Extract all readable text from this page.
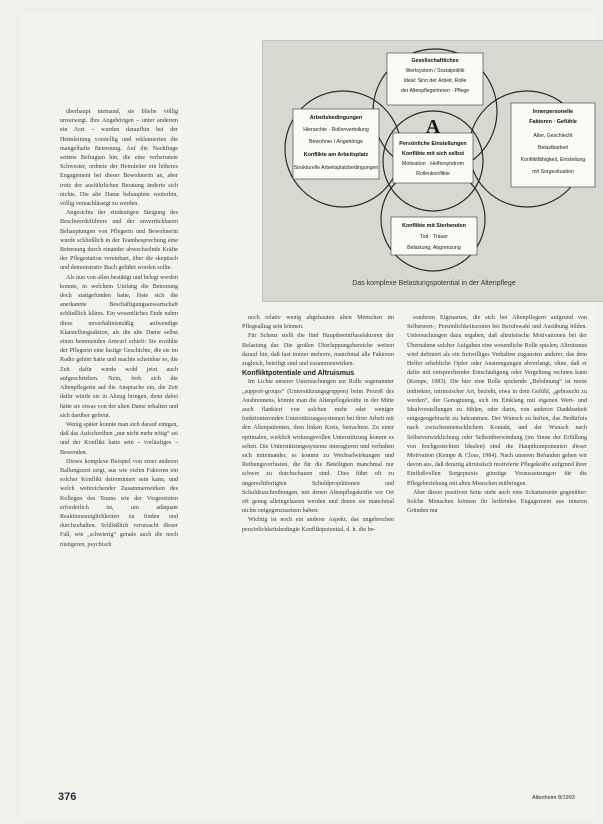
Gesellschaftliches
Wertsystem / Sozialpolitik
Ideal: Sinn der Arbeit, Rolle
der Altenpflegerinnen · Pflege
Arbeitsbedingungen
Hierarchie · Rollenverteilung
Bewohner / Angehörige
Konflikte am Arbeitsplatz
Strukturelle Arbeitsplatzbedingungen
A
Persönliche Einstellungen
Konflikte mit sich selbst
Motivation · Helfersyndrom
Rollenkonflikte
Innerpersonelle
Faktoren · Gefühle
Alter, Geschlecht
Belastbarkeit
Konfliktfähigkeit, Einstellung
mit Sorgesituation
Konflikte mit Sterbenden
Tod · Trauer
Belastung, Abgrenzung
Das komplexe Belastungspotential in der Altenpflege

überhaupt niemand, sie bliebe völlig unversorgt. Ihre Angehörigen – unter anderem ein Arzt – wurden daraufhin bei der Heimleitung vorstellig und reklamierten die mangelhafte Betreuung. Auf die Nachfrage seitens Befragten hin, die eine verheiratete Schwester, ordnete der Heimleiter ein höheres Engagement bei dieser Bewohnerin an, aber trotz der ausführlichen Beratung änderte sich nichts. Die alte Dame behauptete weiterhin, völlig vernachlässigt zu werden.

Angesichts der eindeutigen Steigung des Beschwerdeführers und der unverrückbaren Behauptungen von Pflegerin und Bewohnerin wurde schließlich in der Teambesprechung eine Betreuung durch einander abwechselnde Kräfte der Pflegestation vereinbart, über die skeptisch und demonstrativ Buch geführt worden sollte.

Als nun von allen bestätigt und belegt werden konnte, in welchem Umfang die Betreuung doch stattgefunden hatte, löste sich die anerkannte Beschäftigungsanwartschaft schließlich kläres. Ein wesentliches Ende nahm diese unverhältnismäßig aufwendige Klarstellungsaktion, als die alte Dame selbst einen hemmenden Anwurf erhielt: Sie erzählte der Pflegerin eine lustige Geschichte, die sie im Radio gehört hatte und machte scheinbar so, die Zeit dafür werde wohl jetzt auch aufgeschrieben. Nein, froh sich die Altenpflegerin auf die Ansprache ein, die Zeit dafür würde sie in Abzug bringen, denn dabei hätte sie etwas von der alten Dame erhalten und sich darüber gefreut.

Wenig später konnte man sich darauf einigen, daß das Aufschreiben „nur nicht mehr nötig“ sei und der Konflikt hatte sein – vorläufiges – Bewenden.

Dieses komplexe Beispiel von einer anderen Ballungszeit zeigt, aus wie vielen Faktoren ein solcher Konflikt determiniert sein kann, und welch weitreichender Zusammenwirken des Kollegen des Teams wie der Vorgesetzten erforderlich ist, um adäquate Reaktionsmöglichkeiten zu finden und durchzuhalten. Schließlich verursacht dieser Fall, wie „schwierig“ gerade auch die noch rüstigeren, psychisch

noch relativ wenig abgebauten alten Menschen im Pflegealltag sein können.

Für Schenz stellt die fünf Hauptbeeinflussfaktoren der Belastung dar. Die großen Überlappungsbereiche weisen darauf hin, daß fast immer mehrere, manchmal alle Faktoren zugleich, beteiligt sind und zusammenwirken.

Konfliktpotentiale und Altruismus

Im Lichte unserer Untersuchungen zur Rolle sogenannter „support-groups“ (Unterstützungsgruppen) beim Prozeß des Ausbrennens, könnte man die Altenpflegekräfte in der Mitte auch flankiert von solchen mehr oder weniger funktionierenden Unterstützungssystemen bei ihrer Arbeit mit den Altenpatienten, dem linken Kreis, betrachten. Zu einer optimalen, wirklich wirkungsvollen Unterstützung kommt es selten. Die Unterstützungssysteme interagieren und verhalten sich miteinander, es kommt zu Wechselwirkungen und Reibungsverlusten, die für die Beteiligten manchmal nur schwer zu durchschauen sind. Dies führt oft zu ungerechtfertigten Schuldprojektionen und Schuldzuschreibungen, mit denen Altenpflegekräfte vor Ort oft genug alleingelassen werden und denen sie manchmal nichts entgegenzusetzen haben.

Wichtig ist noch ein anderer Aspekt, das ungebrochen persönlichkeitsbedingte Konfliktpotential, d. h. die be-

sonderen Eigenarten, die sich bei Altenpflegern aufgrund von Selbstwert-, Persönlichkeitszonen bei Berufswahl und Ausübung bilden. Untersuchungen dazu ergaben, daß altruistische Motivationen bei der Übernahme solcher Aufgaben eine wesentliche Rolle spielen; Altruismus wird definiert als ein freiwilliges Verhalten zugunsten anderer, das dem Helfer erhebliche Opfer oder Anstrengungen abverlangt, ohne, daß er dafür mit entsprechender Entschädigung oder Vergeltung rechnen kann (Kempe, 1983). Die hier eine Rolle spielende „Belohnung“ ist meist indirekter, intrinsischer Art, bezieht, etwa in dem Gefühl, „gebraucht zu werden“, der Genugtuung, sich im Einklang mit eigenen Wert- und Idealvorstellungen zu fühlen, oder darin, von anderen Dankbarkeit entgegengebracht zu bekommen. Der Wunsch zu helfen, das Bedürfnis nach zwischenmenschlichem Kontakt, und der Wunsch nach Selbstverwirklichung oder Selbstüberwindung (im Sinne der Erfüllung von hochgesteckten Idealen) sind die Hauptkomponenten dieser Motivation (Kempe & Closs, 1984). Nach unseren Befunden gehen wir davon aus, daß derartig altruistisch motivierte Pflegekräfte aufgrund ihrer Einflußvollen Sorgepraxis günstige Voraussetzungen für die Pflegebeziehung mit alten Menschen mitbringen.

Aber dieser positiven Seite steht auch eine Schattenseite gegenüber: Solche Menschen können ihr hoffendes Engagement aus inneren Gründen nur

376	Altenheim 8/1993
